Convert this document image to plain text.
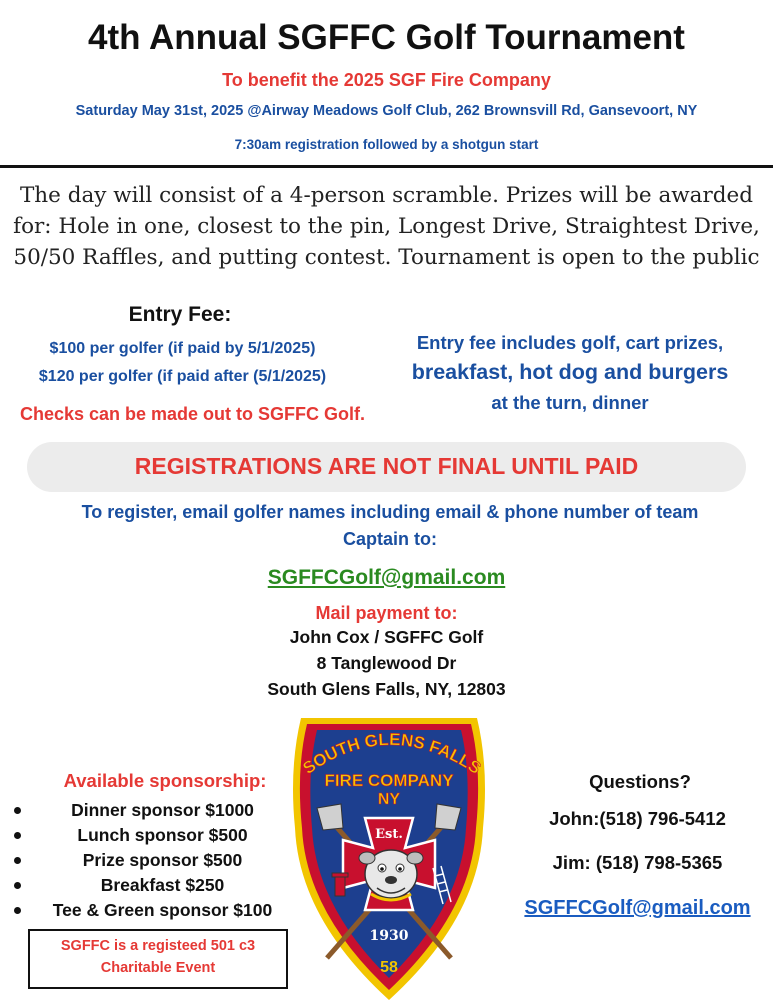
4th Annual SGFFC Golf Tournament
To benefit the 2025 SGF Fire Company
Saturday May 31st, 2025 @Airway Meadows Golf Club, 262 Brownsvill Rd, Gansevoort, NY
7:30am registration followed by a shotgun start
The day will consist of a 4-person scramble. Prizes will be awarded for: Hole in one, closest to the pin, Longest Drive, Straightest Drive, 50/50 Raffles, and putting contest. Tournament is open to the public
Entry Fee:
$100 per golfer (if paid by 5/1/2025)
$120 per golfer (if paid after (5/1/2025)
Checks can be made out to SGFFC Golf.
Entry fee includes golf, cart prizes,
breakfast, hot dog and burgers
at the turn, dinner
REGISTRATIONS ARE NOT FINAL UNTIL PAID
To register, email golfer names including email & phone number of team
Captain to:
SGFFCGolf@gmail.com
Mail payment to:
John Cox / SGFFC Golf
8 Tanglewood Dr
South Glens Falls, NY, 12803
Available sponsorship:
Dinner sponsor $1000
Lunch sponsor $500
Prize sponsor $500
Breakfast $250
Tee & Green sponsor $100
SGFFC is a registeed 501 c3
Charitable Event
Questions?
John:(518) 796-5412
Jim: (518) 798-5365
SGFFCGolf@gmail.com
SOUTH GLENS FALLS
FIRE COMPANY
NY
Est.
1930
58
